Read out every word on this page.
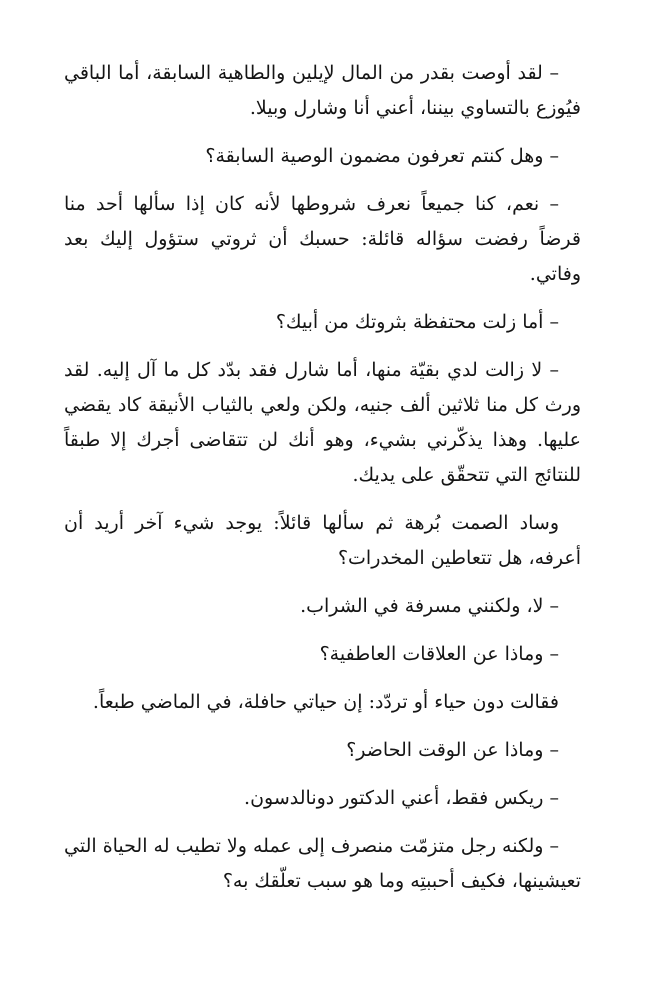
– لقد أوصت بقدر من المال لإيلين والطاهية السابقة، أما الباقي فيُوزع بالتساوي بيننا، أعني أنا وشارل وبيلا.

– وهل كنتم تعرفون مضمون الوصية السابقة؟

– نعم، كنا جميعاً نعرف شروطها لأنه كان إذا سألها أحد منا قرضاً رفضت سؤاله قائلة: حسبك أن ثروتي ستؤول إليك بعد وفاتي.

– أما زلت محتفظة بثروتك من أبيك؟

– لا زالت لدي بقيّة منها، أما شارل فقد بدّد كل ما آل إليه. لقد ورث كل منا ثلاثين ألف جنيه، ولكن ولعي بالثياب الأنيقة كاد يقضي عليها. وهذا يذكّرني بشيء، وهو أنك لن تتقاضى أجرك إلا طبقاً للنتائج التي تتحقّق على يديك.

وساد الصمت بُرهة ثم سألها قائلاً: يوجد شيء آخر أريد أن أعرفه، هل تتعاطين المخدرات؟

– لا، ولكنني مسرفة في الشراب.

– وماذا عن العلاقات العاطفية؟

فقالت دون حياء أو تردّد: إن حياتي حافلة، في الماضي طبعاً.

– وماذا عن الوقت الحاضر؟

– ريكس فقط، أعني الدكتور دونالدسون.

– ولكنه رجل متزمّت منصرف إلى عمله ولا تطيب له الحياة التي تعيشينها، فكيف أحببتِه وما هو سبب تعلّقك به؟
